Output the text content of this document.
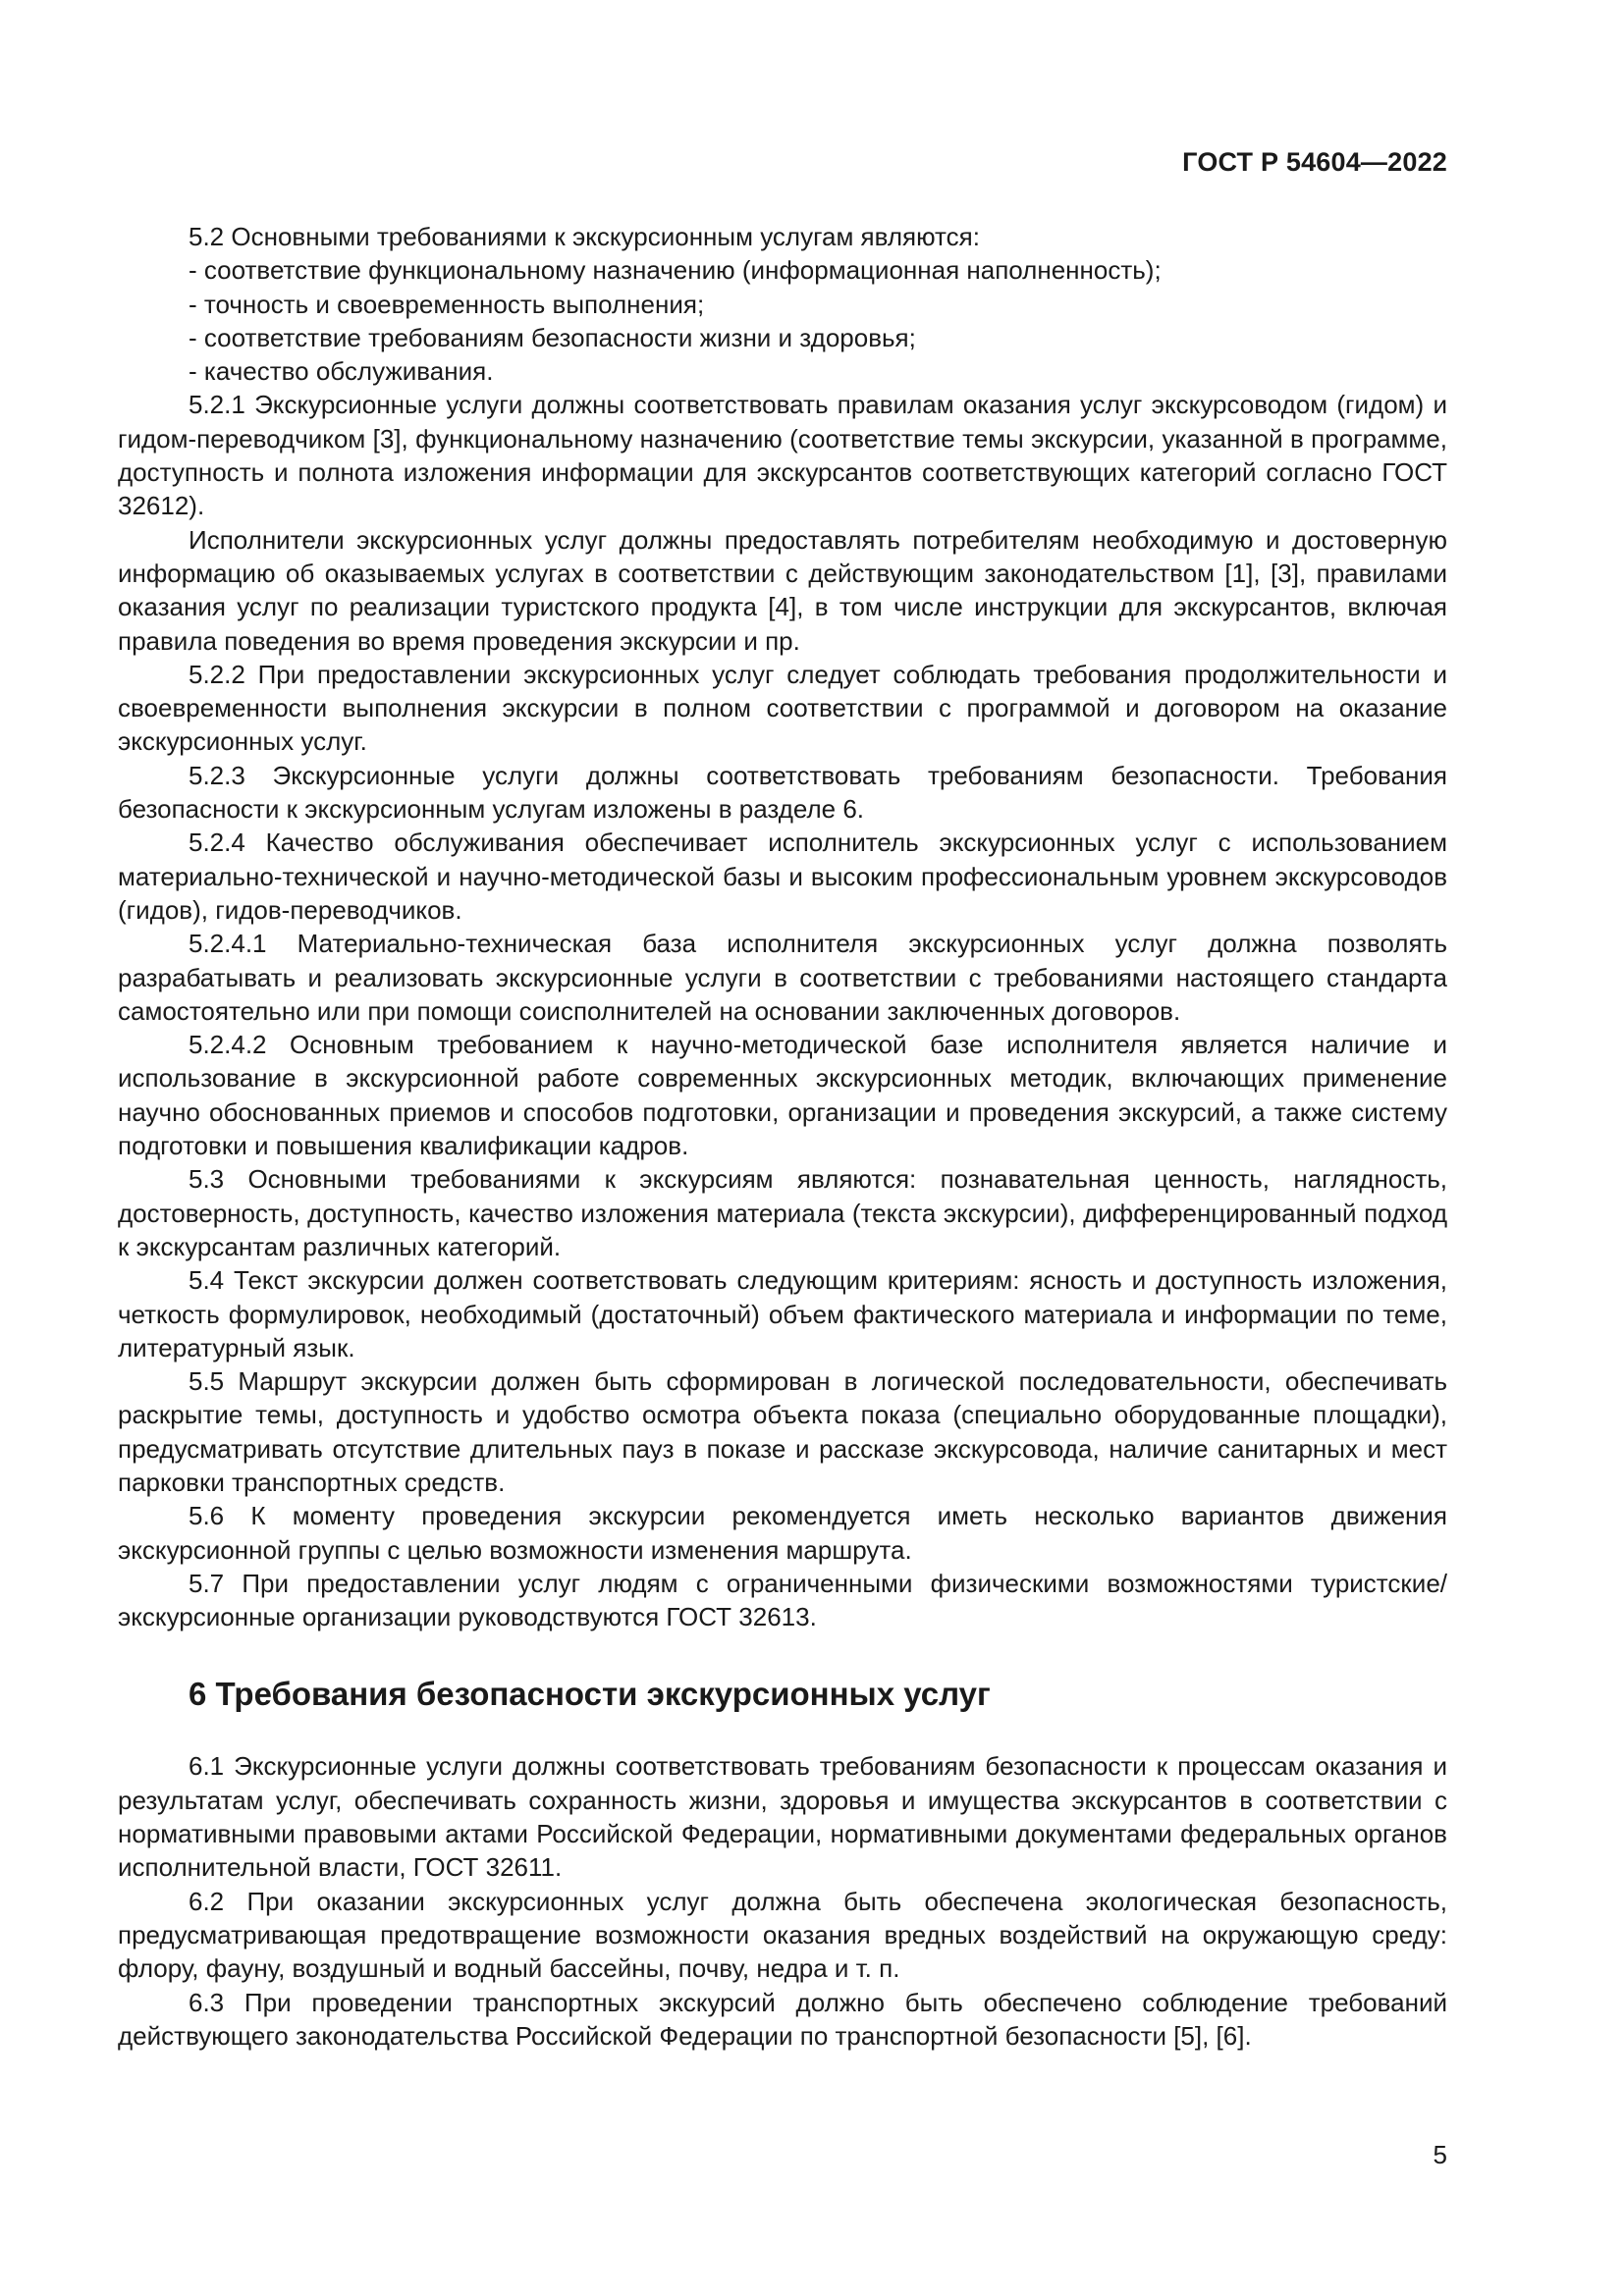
ГОСТ Р 54604—2022

5.2 Основными требованиями к экскурсионным услугам являются:

- соответствие функциональному назначению (информационная наполненность);

- точность и своевременность выполнения;

- соответствие требованиям безопасности жизни и здоровья;

- качество обслуживания.

5.2.1 Экскурсионные услуги должны соответствовать правилам оказания услуг экскурсоводом (гидом) и гидом-переводчиком [3], функциональному назначению (соответствие темы экскурсии, указанной в программе, доступность и полнота изложения информации для экскурсантов соответствующих категорий согласно ГОСТ 32612).

Исполнители экскурсионных услуг должны предоставлять потребителям необходимую и достоверную информацию об оказываемых услугах в соответствии с действующим законодательством [1], [3], правилами оказания услуг по реализации туристского продукта [4], в том числе инструкции для экскурсантов, включая правила поведения во время проведения экскурсии и пр.

5.2.2 При предоставлении экскурсионных услуг следует соблюдать требования продолжительности и своевременности выполнения экскурсии в полном соответствии с программой и договором на оказание экскурсионных услуг.

5.2.3 Экскурсионные услуги должны соответствовать требованиям безопасности. Требования безопасности к экскурсионным услугам изложены в разделе 6.

5.2.4 Качество обслуживания обеспечивает исполнитель экскурсионных услуг с использованием материально-технической и научно-методической базы и высоким профессиональным уровнем экскурсоводов (гидов), гидов-переводчиков.

5.2.4.1 Материально-техническая база исполнителя экскурсионных услуг должна позволять разрабатывать и реализовать экскурсионные услуги в соответствии с требованиями настоящего стандарта самостоятельно или при помощи соисполнителей на основании заключенных договоров.

5.2.4.2 Основным требованием к научно-методической базе исполнителя является наличие и использование в экскурсионной работе современных экскурсионных методик, включающих применение научно обоснованных приемов и способов подготовки, организации и проведения экскурсий, а также систему подготовки и повышения квалификации кадров.

5.3 Основными требованиями к экскурсиям являются: познавательная ценность, наглядность, достоверность, доступность, качество изложения материала (текста экскурсии), дифференцированный подход к экскурсантам различных категорий.

5.4 Текст экскурсии должен соответствовать следующим критериям: ясность и доступность изложения, четкость формулировок, необходимый (достаточный) объем фактического материала и информации по теме, литературный язык.

5.5 Маршрут экскурсии должен быть сформирован в логической последовательности, обеспечивать раскрытие темы, доступность и удобство осмотра объекта показа (специально оборудованные площадки), предусматривать отсутствие длительных пауз в показе и рассказе экскурсовода, наличие санитарных и мест парковки транспортных средств.

5.6 К моменту проведения экскурсии рекомендуется иметь несколько вариантов движения экскурсионной группы с целью возможности изменения маршрута.

5.7 При предоставлении услуг людям с ограниченными физическими возможностями туристские/экскурсионные организации руководствуются ГОСТ 32613.

6 Требования безопасности экскурсионных услуг

6.1 Экскурсионные услуги должны соответствовать требованиям безопасности к процессам оказания и результатам услуг, обеспечивать сохранность жизни, здоровья и имущества экскурсантов в соответствии с нормативными правовыми актами Российской Федерации, нормативными документами федеральных органов исполнительной власти, ГОСТ 32611.

6.2 При оказании экскурсионных услуг должна быть обеспечена экологическая безопасность, предусматривающая предотвращение возможности оказания вредных воздействий на окружающую среду: флору, фауну, воздушный и водный бассейны, почву, недра и т. п.

6.3 При проведении транспортных экскурсий должно быть обеспечено соблюдение требований действующего законодательства Российской Федерации по транспортной безопасности [5], [6].

5
